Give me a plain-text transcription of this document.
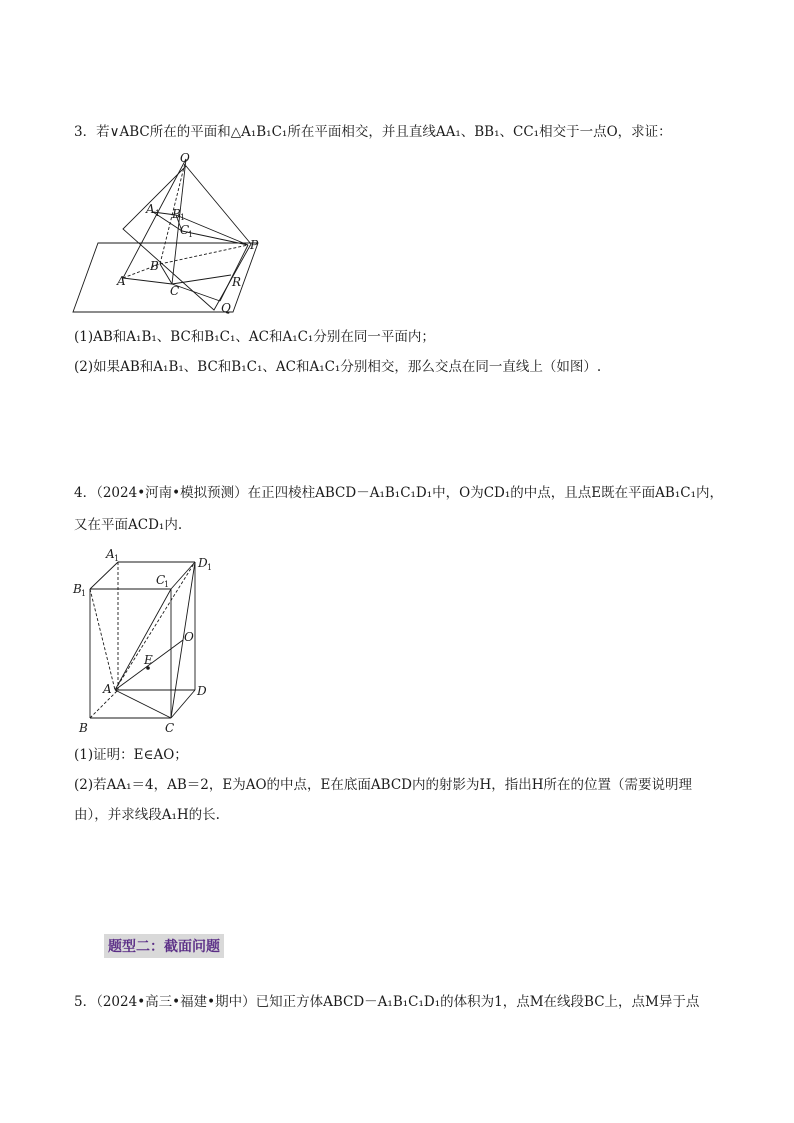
3．若∨ABC所在的平面和△A₁B₁C₁所在平面相交，并且直线AA₁、BB₁、CC₁相交于一点O，求证：
O
A 1 B 1
C
1
P
B
A
C
R
Q
(1)AB和A₁B₁、BC和B₁C₁、AC和A₁C₁分别在同一平面内；
(2)如果AB和A₁B₁、BC和B₁C₁、AC和A₁C₁分别相交，那么交点在同一直线上（如图）.
4．（2024•河南•模拟预测）在正四棱柱ABCD－A₁B₁C₁D₁中，O为CD₁的中点，且点E既在平面AB₁C₁内，
又在平面ACD₁内.
A 1
C
1
D 1
B 1
O
E
A	D
B	C
(1)证明：E∈AO；
(2)若AA₁＝4，AB＝2，E为AO的中点，E在底面ABCD内的射影为H，指出H所在的位置（需要说明理
由），并求线段A₁H的长.
题型二：截面问题
5．（2024•高三•福建•期中）已知正方体ABCD－A₁B₁C₁D₁的体积为1，点M在线段BC上，点M异于点
